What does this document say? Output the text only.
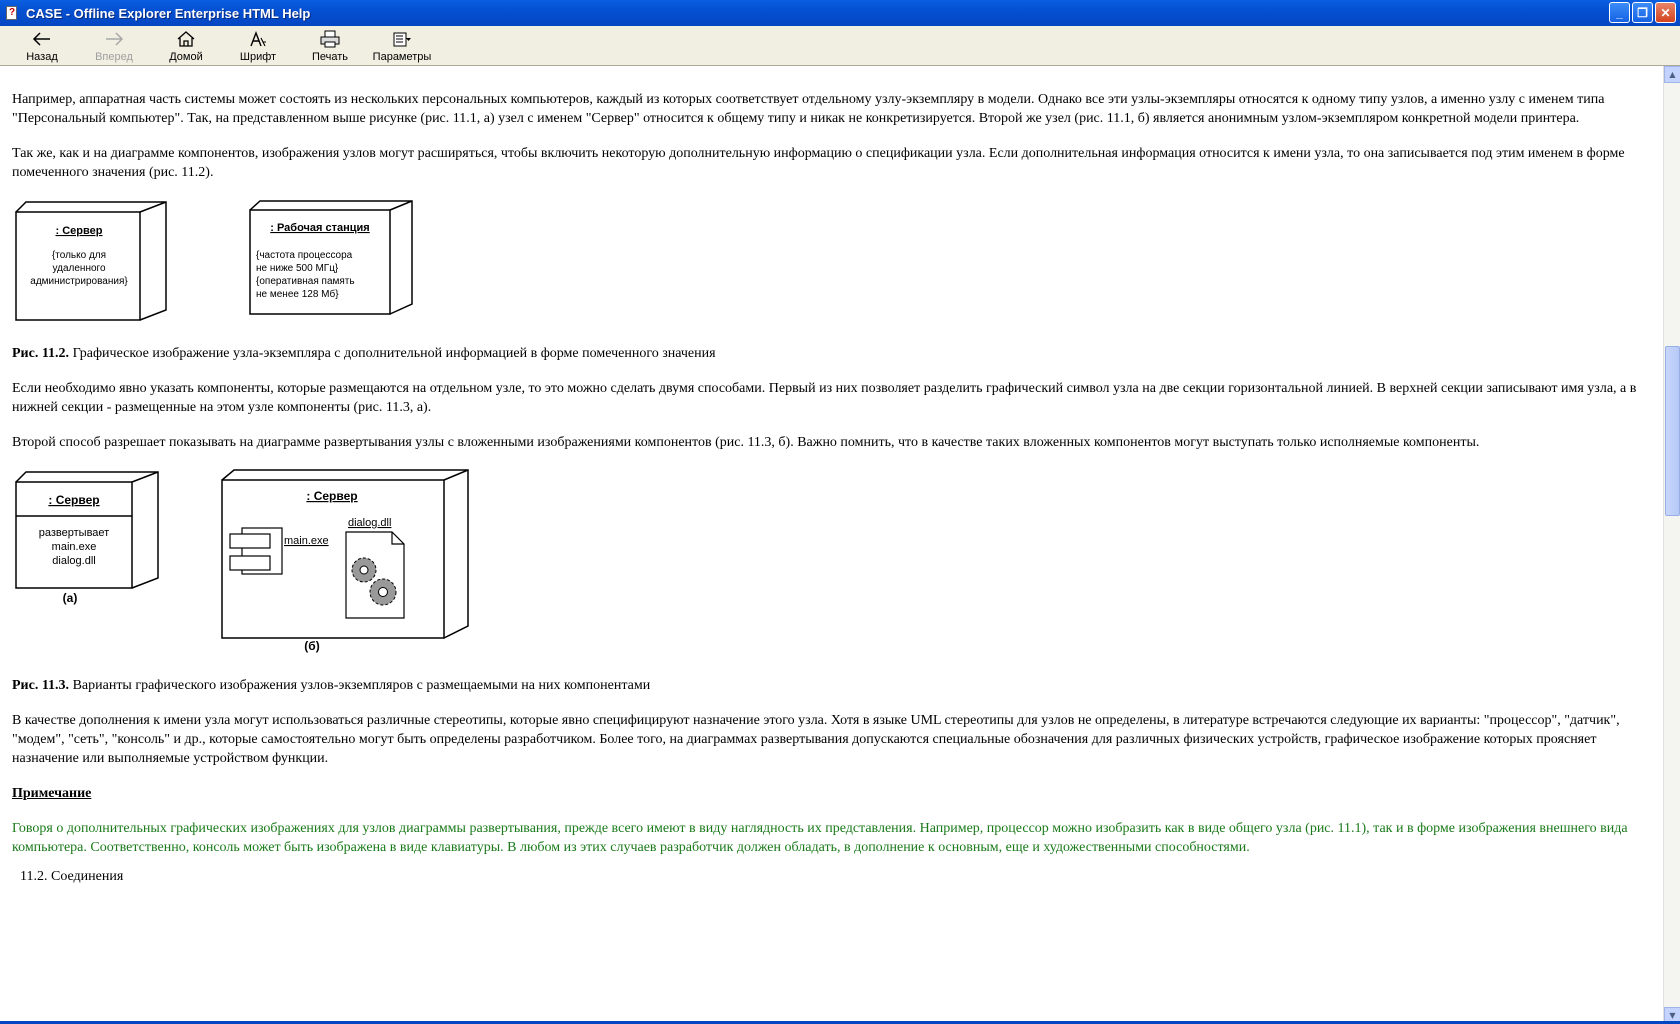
? CASE - Offline Explorer Enterprise HTML Help	_ ❐ ✕
Назад	Вперед	Домой	Шрифт	Печать Параметры

Например, аппаратная часть системы может состоять из нескольких персональных компьютеров, каждый из которых соответствует отдельному узлу-экземпляру в модели. Однако все эти узлы-экземпляры относятся к одному типу узлов, а именно узлу с именем типа "Персональный компьютер". Так, на представленном выше рисунке (рис. 11.1, а) узел с именем "Сервер" относится к общему типу и никак не конкретизируется. Второй же узел (рис. 11.1, б) является анонимным узлом-экземпляром конкретной модели принтера.

Так же, как и на диаграмме компонентов, изображения узлов могут расширяться, чтобы включить некоторую дополнительную информацию о спецификации узла. Если дополнительная информация относится к имени узла, то она записывается под этим именем в форме помеченного значения (рис. 11.2).

: Сервер
{только для
удаленного
администрирования}
: Рабочая станция
{частота процессора
не ниже 500 МГц}
{оперативная память
не менее 128 Мб}

Рис. 11.2. Графическое изображение узла-экземпляра с дополнительной информацией в форме помеченного значения

Если необходимо явно указать компоненты, которые размещаются на отдельном узле, то это можно сделать двумя способами. Первый из них позволяет разделить графический символ узла на две секции горизонтальной линией. В верхней секции записывают имя узла, а в нижней секции - размещенные на этом узле компоненты (рис. 11.3, а).

Второй способ разрешает показывать на диаграмме развертывания узлы с вложенными изображениями компонентов (рис. 11.3, б). Важно помнить, что в качестве таких вложенных компонентов могут выступать только исполняемые компоненты.

: Сервер
развертывает
main.exe
dialog.dll
(а)
: Сервер
main.exe
dialog.dll
(б)

Рис. 11.3. Варианты графического изображения узлов-экземпляров с размещаемыми на них компонентами

В качестве дополнения к имени узла могут использоваться различные стереотипы, которые явно специфицируют назначение этого узла. Хотя в языке UML стереотипы для узлов не определены, в литературе встречаются следующие их варианты: "процессор", "датчик", "модем", "сеть", "консоль" и др., которые самостоятельно могут быть определены разработчиком. Более того, на диаграммах развертывания допускаются специальные обозначения для различных физических устройств, графическое изображение которых проясняет назначение или выполняемые устройством функции.

Примечание

Говоря о дополнительных графических изображениях для узлов диаграммы развертывания, прежде всего имеют в виду наглядность их представления. Например, процессор можно изобразить как в виде общего узла (рис. 11.1), так и в форме изображения внешнего вида компьютера. Соответственно, консоль может быть изображена в виде клавиатуры. В любом из этих случаев разработчик должен обладать, в дополнение к основным, еще и художественными способностями.

11.2. Соединения

▲
▼
